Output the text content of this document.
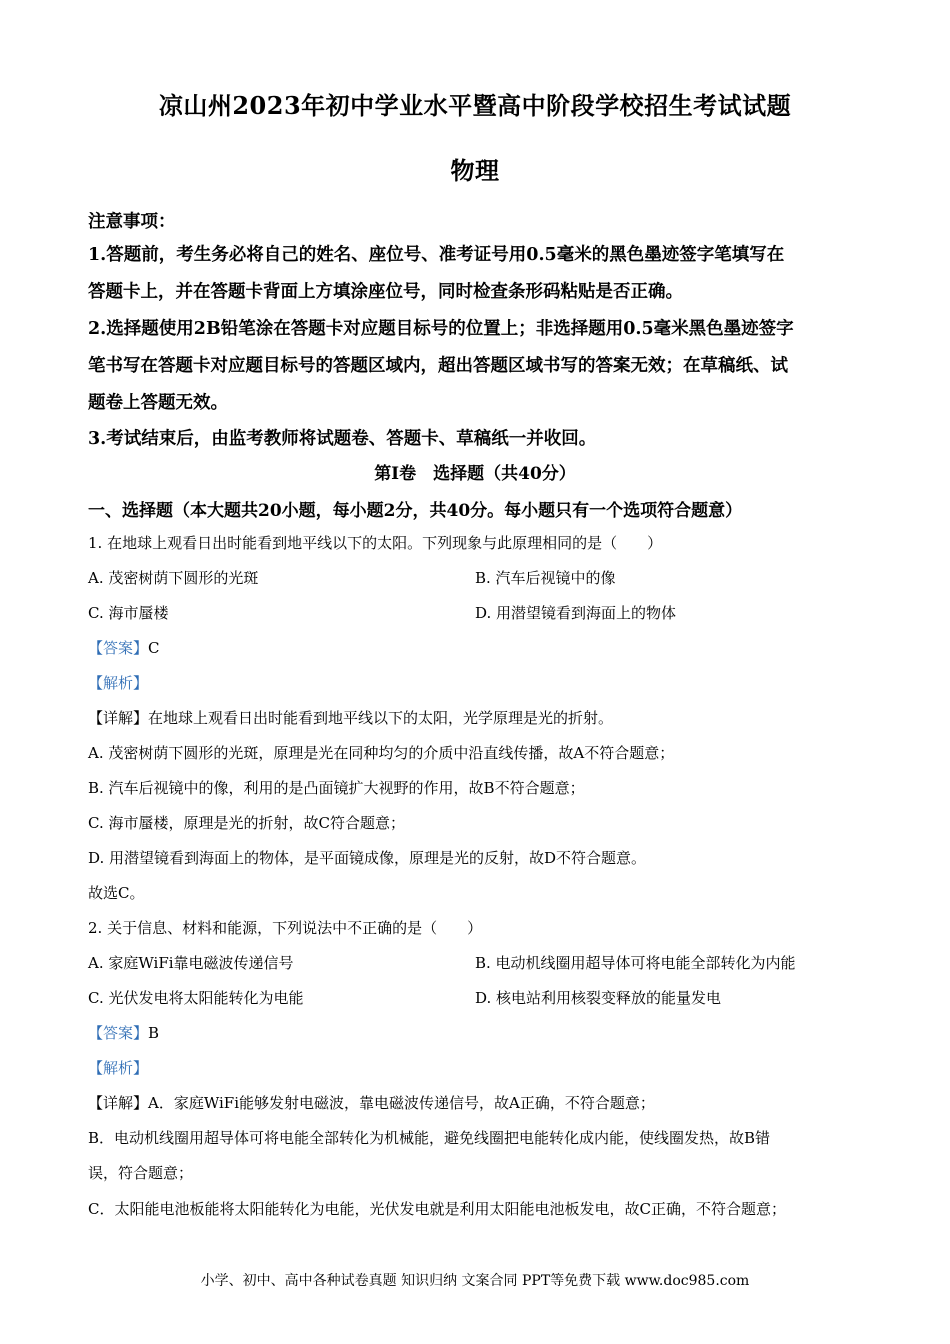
凉山州2023年初中学业水平暨高中阶段学校招生考试试题
物理
注意事项：
1.答题前，考生务必将自己的姓名、座位号、准考证号用0.5毫米的黑色墨迹签字笔填写在
答题卡上，并在答题卡背面上方填涂座位号，同时检查条形码粘贴是否正确。
2.选择题使用2B铅笔涂在答题卡对应题目标号的位置上；非选择题用0.5毫米黑色墨迹签字
笔书写在答题卡对应题目标号的答题区域内，超出答题区域书写的答案无效；在草稿纸、试
题卷上答题无效。
3.考试结束后，由监考教师将试题卷、答题卡、草稿纸一并收回。
第I卷　选择题（共40分）
一、选择题（本大题共20小题，每小题2分，共40分。每小题只有一个选项符合题意）
1. 在地球上观看日出时能看到地平线以下的太阳。下列现象与此原理相同的是（　　）
A. 茂密树荫下圆形的光斑	B. 汽车后视镜中的像
C. 海市蜃楼	D. 用潜望镜看到海面上的物体
【答案】C
【解析】
【详解】在地球上观看日出时能看到地平线以下的太阳，光学原理是光的折射。
A. 茂密树荫下圆形的光斑，原理是光在同种均匀的介质中沿直线传播，故A不符合题意；
B. 汽车后视镜中的像，利用的是凸面镜扩大视野的作用，故B不符合题意；
C. 海市蜃楼，原理是光的折射，故C符合题意；
D. 用潜望镜看到海面上的物体，是平面镜成像，原理是光的反射，故D不符合题意。
故选C。
2. 关于信息、材料和能源，下列说法中不正确的是（　　）
A. 家庭WiFi靠电磁波传递信号	B. 电动机线圈用超导体可将电能全部转化为内能
C. 光伏发电将太阳能转化为电能	D. 核电站利用核裂变释放的能量发电
【答案】B
【解析】
【详解】A．家庭WiFi能够发射电磁波，靠电磁波传递信号，故A正确，不符合题意；
B．电动机线圈用超导体可将电能全部转化为机械能，避免线圈把电能转化成内能，使线圈发热，故B错
误，符合题意；
C．太阳能电池板能将太阳能转化为电能，光伏发电就是利用太阳能电池板发电，故C正确，不符合题意；
小学、初中、高中各种试卷真题 知识归纳 文案合同 PPT等免费下载 www.doc985.com
